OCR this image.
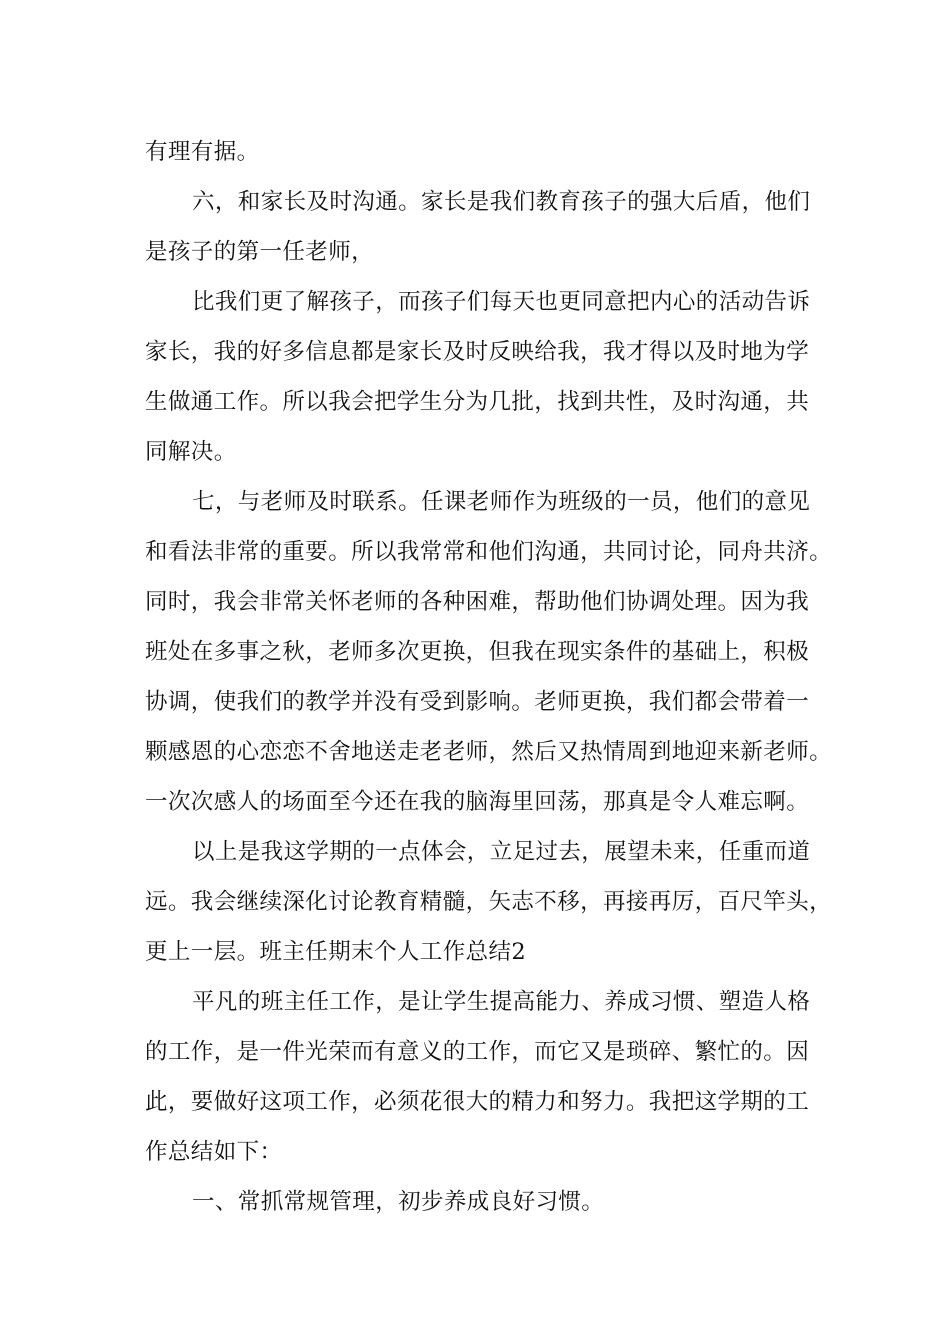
有理有据。
六，和家长及时沟通。家长是我们教育孩子的强大后盾，他们
是孩子的第一任老师，
比我们更了解孩子，而孩子们每天也更同意把内心的活动告诉
家长，我的好多信息都是家长及时反映给我，我才得以及时地为学
生做通工作。所以我会把学生分为几批，找到共性，及时沟通，共
同解决。
七，与老师及时联系。任课老师作为班级的一员，他们的意见
和看法非常的重要。所以我常常和他们沟通，共同讨论，同舟共济。
同时，我会非常关怀老师的各种困难，帮助他们协调处理。因为我
班处在多事之秋，老师多次更换，但我在现实条件的基础上，积极
协调，使我们的教学并没有受到影响。老师更换，我们都会带着一
颗感恩的心恋恋不舍地送走老老师，然后又热情周到地迎来新老师。
一次次感人的场面至今还在我的脑海里回荡，那真是令人难忘啊。
以上是我这学期的一点体会，立足过去，展望未来，任重而道
远。我会继续深化讨论教育精髓，矢志不移，再接再厉，百尺竿头，
更上一层。班主任期末个人工作总结2
平凡的班主任工作，是让学生提高能力、养成习惯、塑造人格
的工作，是一件光荣而有意义的工作，而它又是琐碎、繁忙的。因
此，要做好这项工作，必须花很大的精力和努力。我把这学期的工
作总结如下：
一、常抓常规管理，初步养成良好习惯。
